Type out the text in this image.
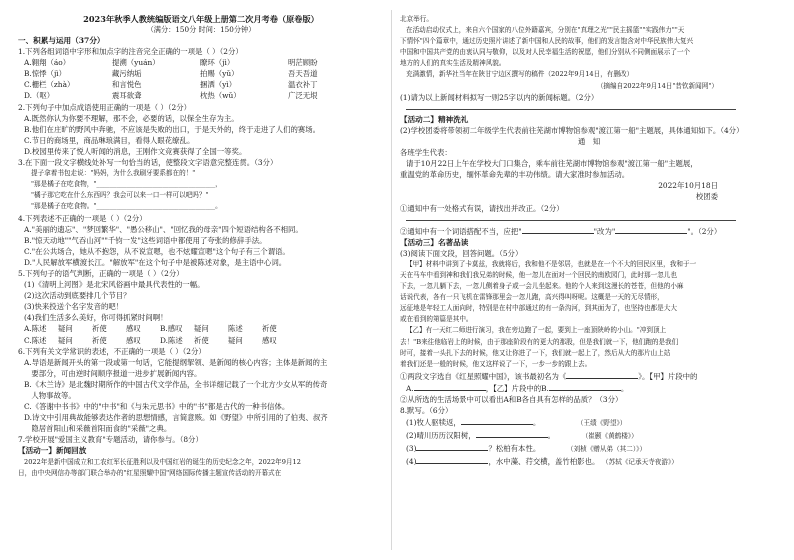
2023年秋季人教统编版语文八年级上册第二次月考卷（原卷版）
（满分：150分 时间：150分钟）
一、积累与运用（37分）
1.下列各组词语中字形和加点字的注音完全正确的一项是（ ）（2分）
A.翱翔（áo）	提溯（yuán）	瞭环（jì）	明茫顾盼
B.惊悸（jì）	藏污纳垢	拍赐（yǔ）	吾天吾道
C.栅栏（zhà）	和言悦色	捆洒（yì）	温衣补丁
D.（呕）	震耳欲聋	枕热（wǔ）	广泛无垠
2.下列句子中加点成语使用正确的一项是（ ）（2分）
A.既然你认为你要不理解，那不会，必要的话，以保全生存为主。
B.他们在庄旷的野风中奔驰，不应该是失败的出口，于是天外的，终于走进了人们的赛场。
C.节日的商场里，商品琳琅满目，看得人眼花缭乱。
D.校园里传来了悦人听闻的消息，王刚作文竞赛获得了全国一等奖。
3.在下面一段文字横线处补写一句恰当的话，使整段文字语意完整连贯。（3分）
提子拿着书包走说："妈妈，为什么我刷牙要系都在的！"
"那是橘子在吃食物，"____________________________________，
"橘子那它吃在什么东西吗？我会可以来一口一样可以吧吗？"
"那是橘子在吃食物。"____________________________________。
4.下列表述不正确的一项是（ ）（2分）
A."美丽的遗忘"、"梦回繁华"、"愚公移山"、"回忆我的母亲"四个短语结构各不相同。
B."惊天动地""气吞山河""千钧一发"这些词语中都使用了夸张的修辞手法。
C."在公共场合，她从不抱怨，从不说宣嗯，也不炫耀宣嗯"这个句子有三个谓语。
D."人民解放军横渡长江。"解放军"在这个句子中是被陈述对象，是主语中心词。
5.下列句子的语气判断，正确的一项是（ ）（2分）
(1)《清明上河图》是北宋风俗画中最具代表性的一幅。
(2)这次活动到底要排几个节目？
(3)快来投送个名字发音的吧！
(4)我们生活多么美好，你可得抓紧时间啊！
A.陈述	疑问	祈使	感叹	B.感叹	疑问	陈述	祈使
C.陈述	疑问	祈使	感叹	D.陈述	祈使	疑问	感叹
6.下列有关文学常识的表述，不正确的一项是（ ）（2分）
A.导语是新闻开头的第一段或第一句话，它能提纲挈领、是新闻的核心内容；主体是新闻的主
　要部分，可由逆时间顺序报道一进步扩展新闻内容。
B.《木兰诗》是北魏时期所作的中国古代文学作品，全书详细记载了一个北方少女从军的传奇
　人物事故等。
C.《答谢中书书》中的"中书"和《与朱元思书》中的"书"都是古代的一种书信体。
D.诗文中引用典故能够表达作者的思想情感，言简意赅。如《野望》中所引用的了伯夷、叔齐
　隐居首阳山和采薇首阳而食的"采薇"之典。
7.学校开展"爱国主义教育"专题活动，请你参与。（8分）
【活动一】新闻回放
2022年是新中国成立和工农红军长征胜利以及中国红岩的诞生的历史纪念之年，2022年9月12
日，由中央网信办等部门联合举办的"红星照耀中国"网络国际传播主题宣传活动的开幕式在
北京举行。
在活动启动仪式上，来自六个国家的八位外籍嘉宾，分别在"真理之光""民主摇篮""实践伟力""天
下情怀"四个篇章中，通过历史照片讲述了新中国和人民的故事，他们的发言饱含对中华民族伟大复兴
中国和中国共产党的由衷认同与敬仰，以及对人民幸福生活的祝愿，他们分别从不同侧面展示了一个
地方的人们的真实生活及精神风貌。
充满激情，新华社当年在陕甘宁边区撰写的稿件（2022年9月14日，有删改）
（摘编自2022年9月14日"昔钦新闻网"）
(1)请为以上新闻材料拟写一则25字以内的新闻标题。（2分）
【活动二】精神洗礼
(2)学校团委将带领初二年级学生代表前往芜湖市博物馆参观"渡江第一船"主题展，具体通知如下。（4分）
通　知
各班学生代表：
请于10月22日上午在学校大门口集合，乘车前往芜湖市博物馆参观"渡江第一船"主题展，
重温党的革命历史，缅怀革命先辈的丰功伟绩。请大家准时参加活动。
2022年10月18日
校团委
①通知中有一处格式有误，请找出并改正。（2分）
②通知中有一个词语搭配不当，应把"	"改为"	"。（2分）
【活动三】名著品读
(3)阅读下面文段，回答问题。（5分）
【甲】材料中讲到了卡莫兹，我就将后，我和他不是邻居，也就是在一个不大的回民区里，我和于一
天在马车中看到神和我们我兄弟的时候，他一忽儿在面对一个回民的南欧园门，此时那一忽儿也
下去，一忽儿躺下去，一忽儿侧着身子或一会儿坐起来。他的个人来到这漫长的苍苍，但他的小麻
话说代表，各有一只飞机在雷锋那里会一忽儿跑，高兴得叫呀呢。这概是一天的无尽情形，
远征地是年轻工人面向时，特别是在村中部通过的有一条沟河，到其面为了，也坚持也都是大大
或在看到的第篇是其中。
【乙】有一天红二师进行演习，我在旁边跑了一起，要到上一座顶陕岭的小山。"冲到顶上
去！"B来往他临岩上的时候，由于那座阶段有的更大的那股，但是我们就一下，他们跑的是我们
时可，接着一头扎下去的时候，他又让你进了一下，我们就一起上了，然后从大的那片山上站
着我们还是一般的时候，他又这样说了一下，一步一步的跟上去。
①两段文字选自《红星照耀中国》，该书最初名为《	》。【甲】片段中的
A.	，【乙】片段中的B.	。
②从所选的生活场景中可以看出A和B各自具有怎样的品质？（3分）
8.默写。（6分）
(1)牧人驱犊返，	。	（王绩《野望》）
(2)晴川历历汉阳树，	。	（崔颢《黄鹤楼》）
(3)	？松柏有本性。	（刘桢《赠从弟（其二）》）
(4)	，水中藻、荇交横，盖竹柏影也。 （苏轼《记承天寺夜游》）
